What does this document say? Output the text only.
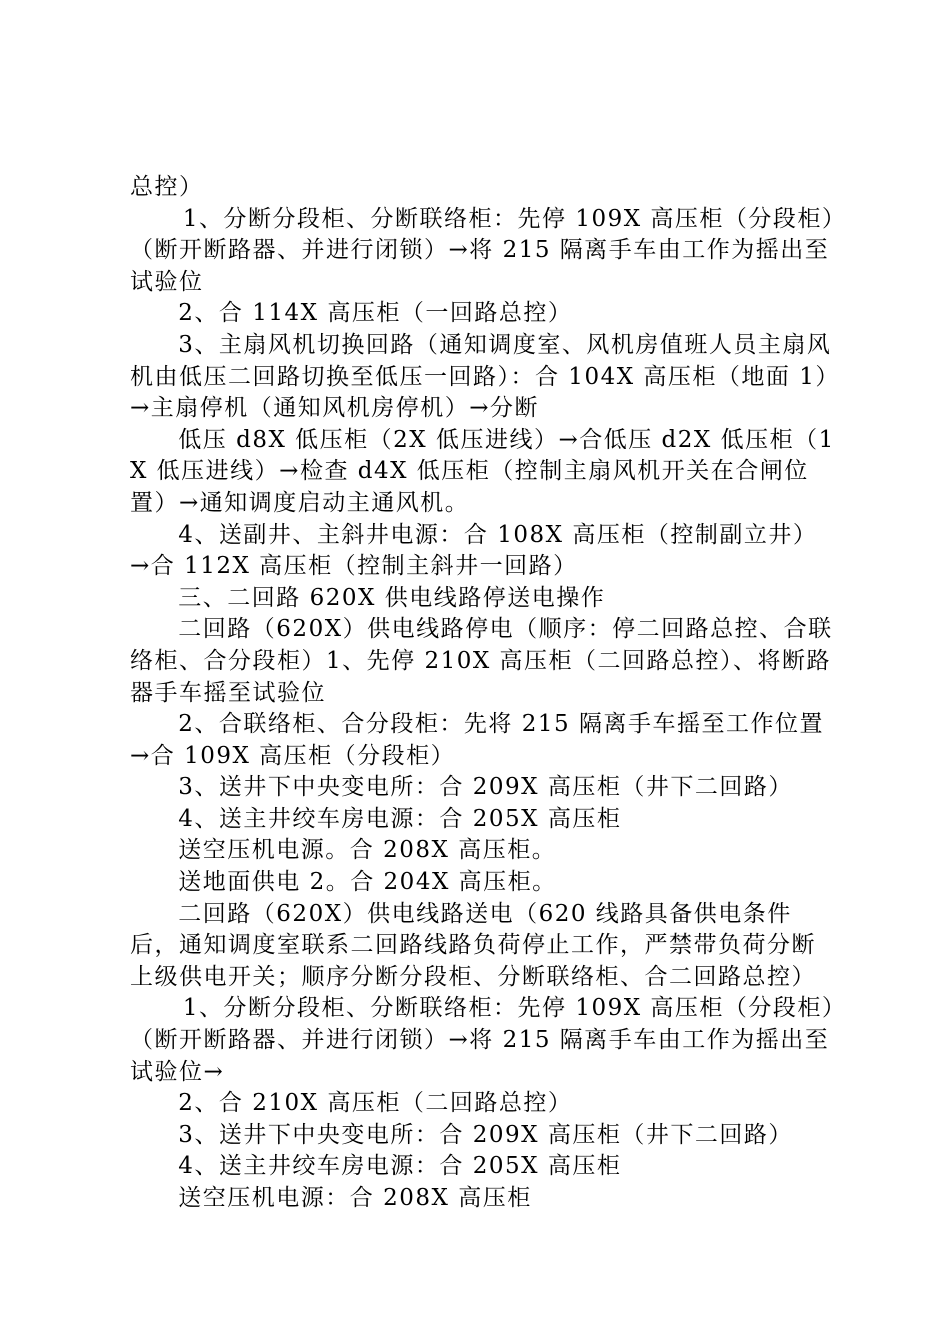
总控）

1、分断分段柜、分断联络柜：先停 109X 高压柜（分段柜）（断开断路器、并进行闭锁）→将 215 隔离手车由工作为摇出至试验位

2、合 114X 高压柜（一回路总控）

3、主扇风机切换回路（通知调度室、风机房值班人员主扇风机由低压二回路切换至低压一回路）：合 104X 高压柜（地面 1）→主扇停机（通知风机房停机）→分断

低压 d8X 低压柜（2X 低压进线）→合低压 d2X 低压柜（1X 低压进线）→检查 d4X 低压柜（控制主扇风机开关在合闸位置）→通知调度启动主通风机。

4、送副井、主斜井电源：合 108X 高压柜（控制副立井）→合 112X 高压柜（控制主斜井一回路）

三、二回路 620X 供电线路停送电操作

二回路（620X）供电线路停电（顺序：停二回路总控、合联络柜、合分段柜）1、先停 210X 高压柜（二回路总控）、将断路器手车摇至试验位

2、合联络柜、合分段柜：先将 215 隔离手车摇至工作位置→合 109X 高压柜（分段柜）

3、送井下中央变电所：合 209X 高压柜（井下二回路）

4、送主井绞车房电源：合 205X 高压柜

送空压机电源。合 208X 高压柜。

送地面供电 2。合 204X 高压柜。

二回路（620X）供电线路送电（620 线路具备供电条件后，通知调度室联系二回路线路负荷停止工作，严禁带负荷分断上级供电开关；顺序分断分段柜、分断联络柜、合二回路总控）

1、分断分段柜、分断联络柜：先停 109X 高压柜（分段柜）（断开断路器、并进行闭锁）→将 215 隔离手车由工作为摇出至试验位→

2、合 210X 高压柜（二回路总控）

3、送井下中央变电所：合 209X 高压柜（井下二回路）

4、送主井绞车房电源：合 205X 高压柜

送空压机电源：合 208X 高压柜
